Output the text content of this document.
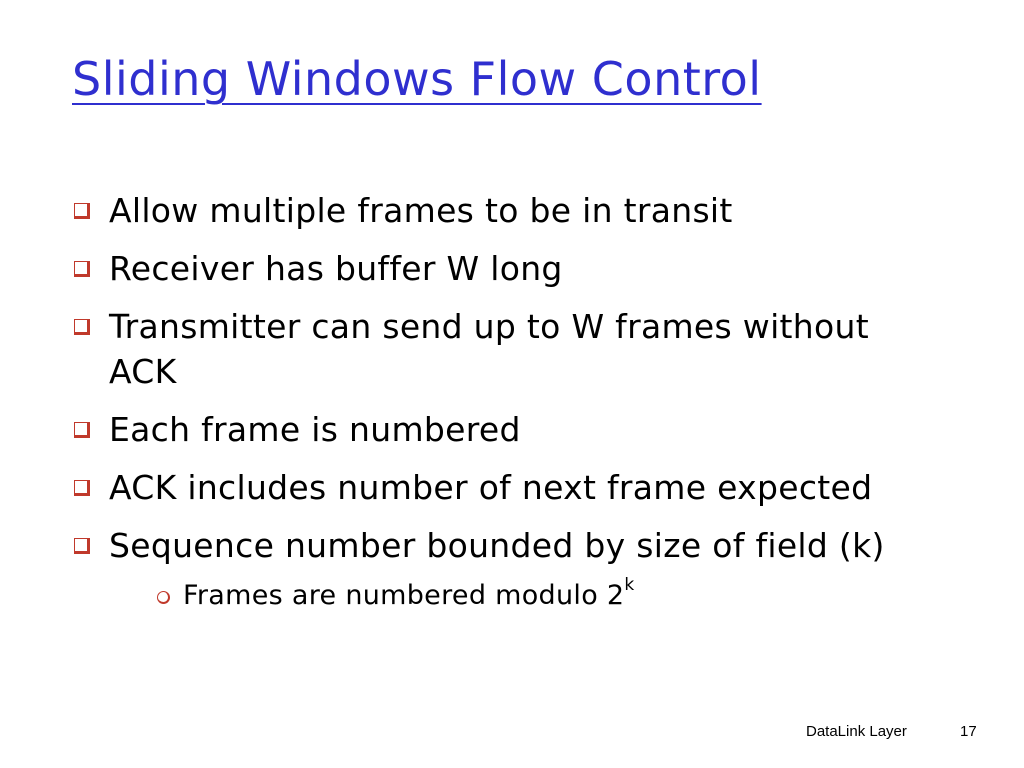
Sliding Windows Flow Control
Allow multiple frames to be in transit
Receiver has buffer W long
Transmitter can send up to W frames without ACK
Each frame is numbered
ACK includes number of next frame expected
Sequence number bounded by size of field (k)
Frames are numbered modulo 2$^k$
DataLink Layer	17
